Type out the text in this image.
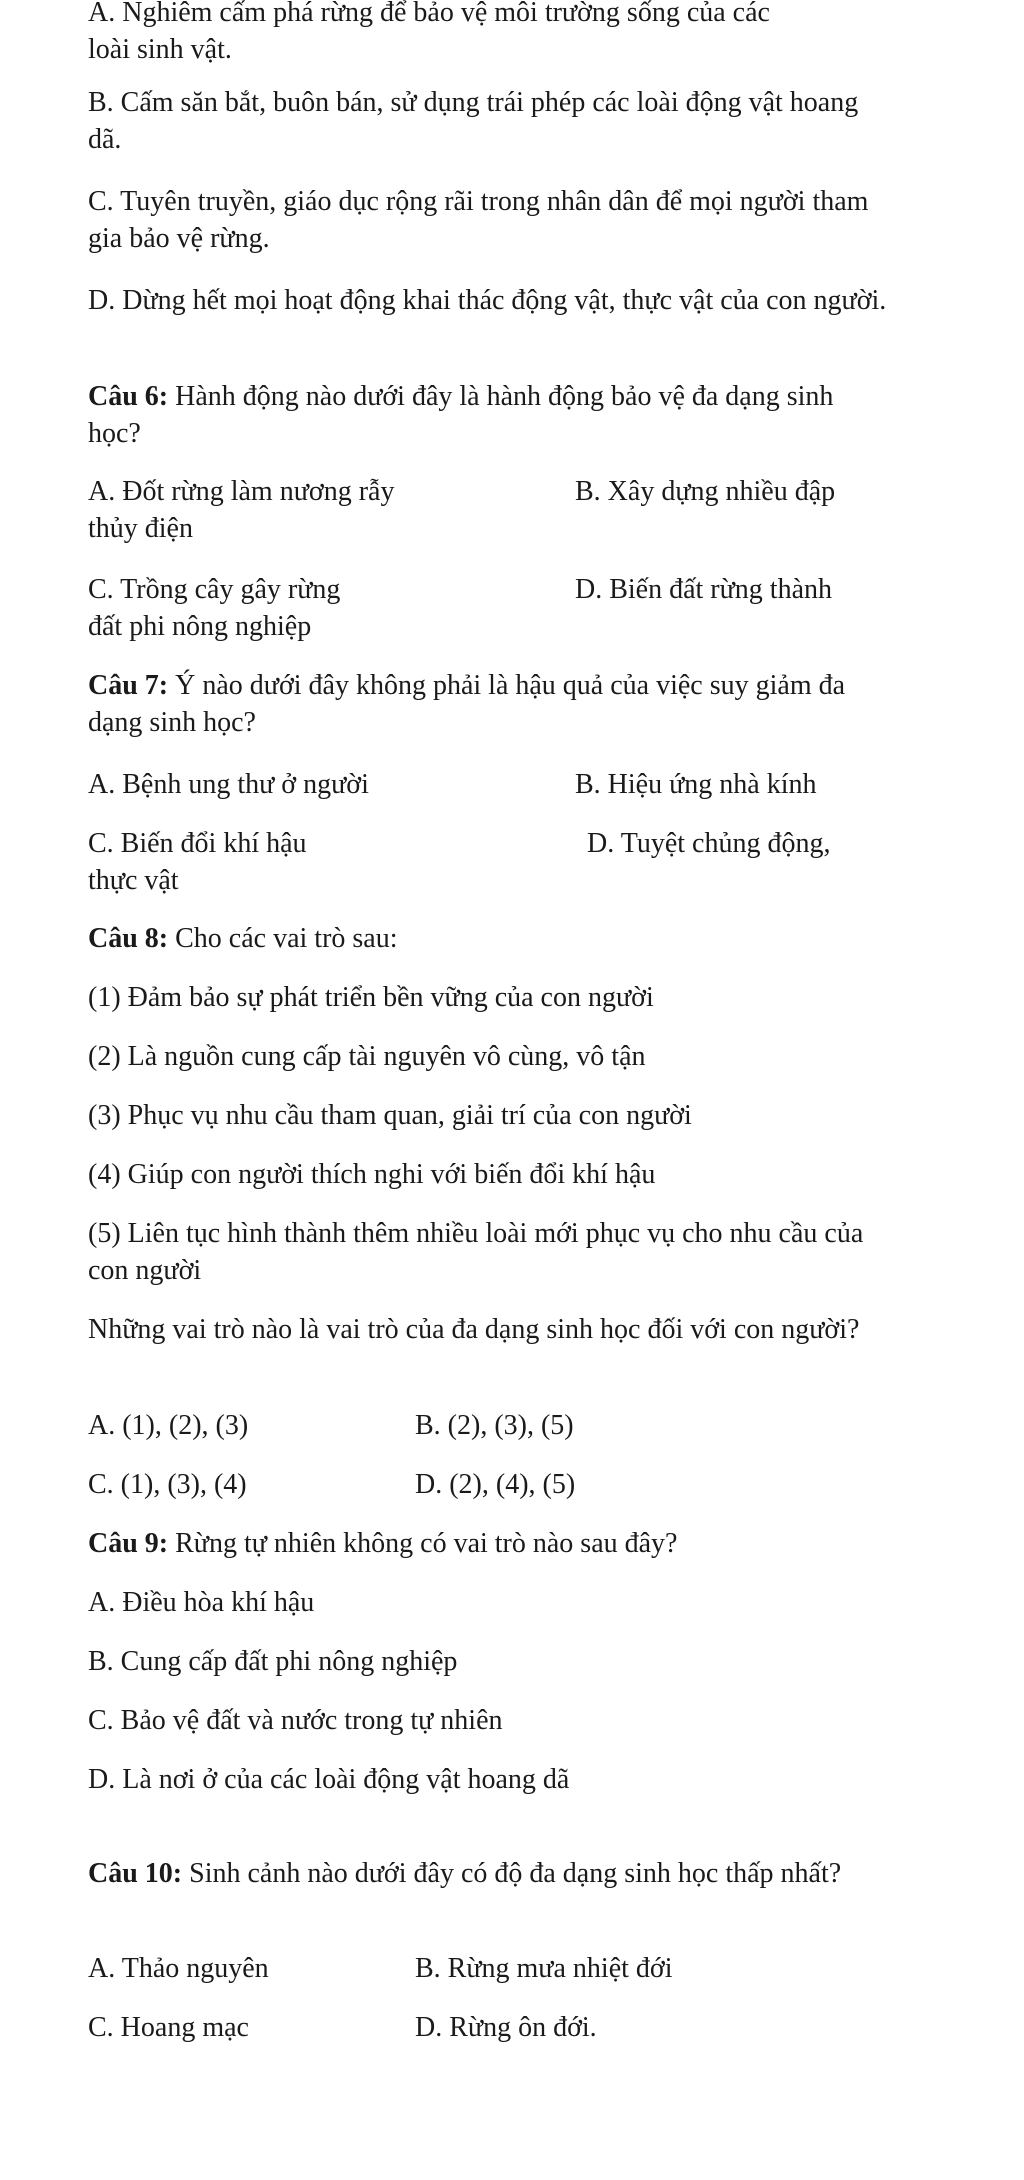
A. Nghiêm cấm phá rừng để bảo vệ môi trường sống của các
loài sinh vật.

B. Cấm săn bắt, buôn bán, sử dụng trái phép các loài động vật hoang dã.

C. Tuyên truyền, giáo dục rộng rãi trong nhân dân để mọi người tham gia bảo vệ rừng.

D. Dừng hết mọi hoạt động khai thác động vật, thực vật của con người.

Câu 6: Hành động nào dưới đây là hành động bảo vệ đa dạng sinh học?

A. Đốt rừng làm nương rẫy	B. Xây dựng nhiều đập
thủy điện
C. Trồng cây gây rừng	D. Biến đất rừng thành
đất phi nông nghiệp

Câu 7: Ý nào dưới đây không phải là hậu quả của việc suy giảm đa dạng sinh học?

A. Bệnh ung thư ở người	B. Hiệu ứng nhà kính
C. Biến đổi khí hậu	D. Tuyệt chủng động,
thực vật

Câu 8: Cho các vai trò sau:

(1) Đảm bảo sự phát triển bền vững của con người

(2) Là nguồn cung cấp tài nguyên vô cùng, vô tận

(3) Phục vụ nhu cầu tham quan, giải trí của con người

(4) Giúp con người thích nghi với biến đổi khí hậu

(5) Liên tục hình thành thêm nhiều loài mới phục vụ cho nhu cầu của con người

Những vai trò nào là vai trò của đa dạng sinh học đối với con người?

A. (1), (2), (3)	B. (2), (3), (5)
C. (1), (3), (4)	D. (2), (4), (5)

Câu 9: Rừng tự nhiên không có vai trò nào sau đây?

A. Điều hòa khí hậu

B. Cung cấp đất phi nông nghiệp

C. Bảo vệ đất và nước trong tự nhiên

D. Là nơi ở của các loài động vật hoang dã

Câu 10: Sinh cảnh nào dưới đây có độ đa dạng sinh học thấp nhất?

A. Thảo nguyên	B. Rừng mưa nhiệt đới
C. Hoang mạc	D. Rừng ôn đới.
